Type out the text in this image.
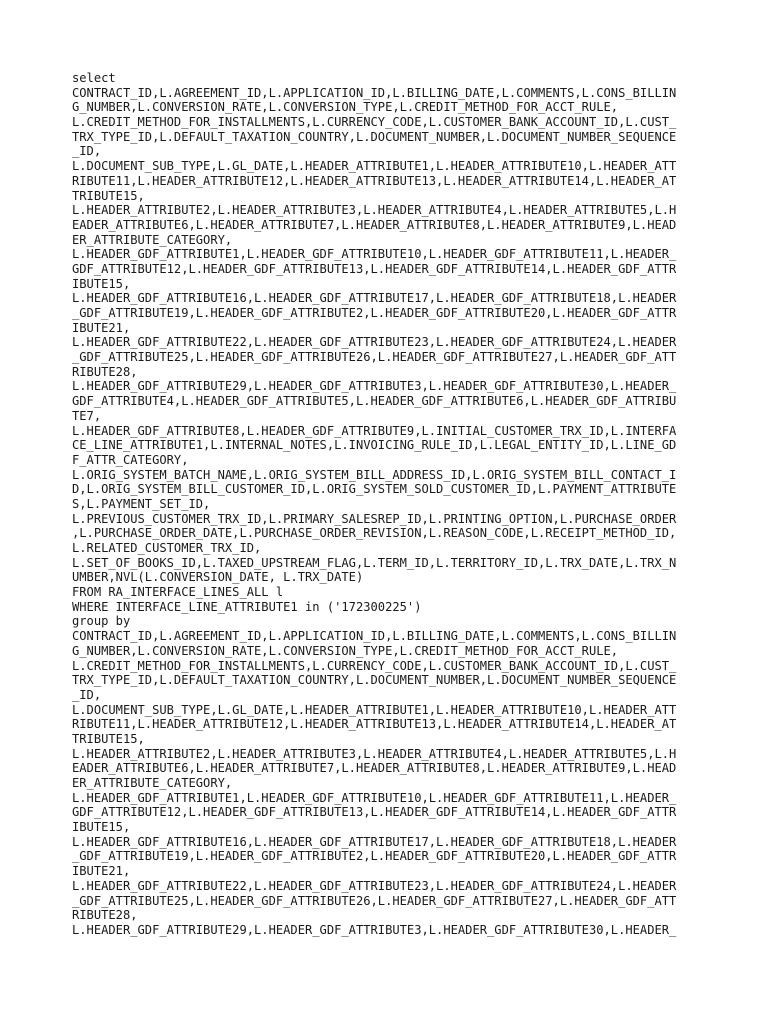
select
CONTRACT_ID,L.AGREEMENT_ID,L.APPLICATION_ID,L.BILLING_DATE,L.COMMENTS,L.CONS_BILLIN
G_NUMBER,L.CONVERSION_RATE,L.CONVERSION_TYPE,L.CREDIT_METHOD_FOR_ACCT_RULE,
L.CREDIT_METHOD_FOR_INSTALLMENTS,L.CURRENCY_CODE,L.CUSTOMER_BANK_ACCOUNT_ID,L.CUST_
TRX_TYPE_ID,L.DEFAULT_TAXATION_COUNTRY,L.DOCUMENT_NUMBER,L.DOCUMENT_NUMBER_SEQUENCE
_ID,
L.DOCUMENT_SUB_TYPE,L.GL_DATE,L.HEADER_ATTRIBUTE1,L.HEADER_ATTRIBUTE10,L.HEADER_ATT
RIBUTE11,L.HEADER_ATTRIBUTE12,L.HEADER_ATTRIBUTE13,L.HEADER_ATTRIBUTE14,L.HEADER_AT
TRIBUTE15,
L.HEADER_ATTRIBUTE2,L.HEADER_ATTRIBUTE3,L.HEADER_ATTRIBUTE4,L.HEADER_ATTRIBUTE5,L.H
EADER_ATTRIBUTE6,L.HEADER_ATTRIBUTE7,L.HEADER_ATTRIBUTE8,L.HEADER_ATTRIBUTE9,L.HEAD
ER_ATTRIBUTE_CATEGORY,
L.HEADER_GDF_ATTRIBUTE1,L.HEADER_GDF_ATTRIBUTE10,L.HEADER_GDF_ATTRIBUTE11,L.HEADER_
GDF_ATTRIBUTE12,L.HEADER_GDF_ATTRIBUTE13,L.HEADER_GDF_ATTRIBUTE14,L.HEADER_GDF_ATTR
IBUTE15,
L.HEADER_GDF_ATTRIBUTE16,L.HEADER_GDF_ATTRIBUTE17,L.HEADER_GDF_ATTRIBUTE18,L.HEADER
_GDF_ATTRIBUTE19,L.HEADER_GDF_ATTRIBUTE2,L.HEADER_GDF_ATTRIBUTE20,L.HEADER_GDF_ATTR
IBUTE21,
L.HEADER_GDF_ATTRIBUTE22,L.HEADER_GDF_ATTRIBUTE23,L.HEADER_GDF_ATTRIBUTE24,L.HEADER
_GDF_ATTRIBUTE25,L.HEADER_GDF_ATTRIBUTE26,L.HEADER_GDF_ATTRIBUTE27,L.HEADER_GDF_ATT
RIBUTE28,
L.HEADER_GDF_ATTRIBUTE29,L.HEADER_GDF_ATTRIBUTE3,L.HEADER_GDF_ATTRIBUTE30,L.HEADER_
GDF_ATTRIBUTE4,L.HEADER_GDF_ATTRIBUTE5,L.HEADER_GDF_ATTRIBUTE6,L.HEADER_GDF_ATTRIBU
TE7,
L.HEADER_GDF_ATTRIBUTE8,L.HEADER_GDF_ATTRIBUTE9,L.INITIAL_CUSTOMER_TRX_ID,L.INTERFA
CE_LINE_ATTRIBUTE1,L.INTERNAL_NOTES,L.INVOICING_RULE_ID,L.LEGAL_ENTITY_ID,L.LINE_GD
F_ATTR_CATEGORY,
L.ORIG_SYSTEM_BATCH_NAME,L.ORIG_SYSTEM_BILL_ADDRESS_ID,L.ORIG_SYSTEM_BILL_CONTACT_I
D,L.ORIG_SYSTEM_BILL_CUSTOMER_ID,L.ORIG_SYSTEM_SOLD_CUSTOMER_ID,L.PAYMENT_ATTRIBUTE
S,L.PAYMENT_SET_ID,
L.PREVIOUS_CUSTOMER_TRX_ID,L.PRIMARY_SALESREP_ID,L.PRINTING_OPTION,L.PURCHASE_ORDER
,L.PURCHASE_ORDER_DATE,L.PURCHASE_ORDER_REVISION,L.REASON_CODE,L.RECEIPT_METHOD_ID,
L.RELATED_CUSTOMER_TRX_ID,
L.SET_OF_BOOKS_ID,L.TAXED_UPSTREAM_FLAG,L.TERM_ID,L.TERRITORY_ID,L.TRX_DATE,L.TRX_N
UMBER,NVL(L.CONVERSION_DATE, L.TRX_DATE)
FROM RA_INTERFACE_LINES_ALL l
WHERE INTERFACE_LINE_ATTRIBUTE1 in ('172300225')
group by
CONTRACT_ID,L.AGREEMENT_ID,L.APPLICATION_ID,L.BILLING_DATE,L.COMMENTS,L.CONS_BILLIN
G_NUMBER,L.CONVERSION_RATE,L.CONVERSION_TYPE,L.CREDIT_METHOD_FOR_ACCT_RULE,
L.CREDIT_METHOD_FOR_INSTALLMENTS,L.CURRENCY_CODE,L.CUSTOMER_BANK_ACCOUNT_ID,L.CUST_
TRX_TYPE_ID,L.DEFAULT_TAXATION_COUNTRY,L.DOCUMENT_NUMBER,L.DOCUMENT_NUMBER_SEQUENCE
_ID,
L.DOCUMENT_SUB_TYPE,L.GL_DATE,L.HEADER_ATTRIBUTE1,L.HEADER_ATTRIBUTE10,L.HEADER_ATT
RIBUTE11,L.HEADER_ATTRIBUTE12,L.HEADER_ATTRIBUTE13,L.HEADER_ATTRIBUTE14,L.HEADER_AT
TRIBUTE15,
L.HEADER_ATTRIBUTE2,L.HEADER_ATTRIBUTE3,L.HEADER_ATTRIBUTE4,L.HEADER_ATTRIBUTE5,L.H
EADER_ATTRIBUTE6,L.HEADER_ATTRIBUTE7,L.HEADER_ATTRIBUTE8,L.HEADER_ATTRIBUTE9,L.HEAD
ER_ATTRIBUTE_CATEGORY,
L.HEADER_GDF_ATTRIBUTE1,L.HEADER_GDF_ATTRIBUTE10,L.HEADER_GDF_ATTRIBUTE11,L.HEADER_
GDF_ATTRIBUTE12,L.HEADER_GDF_ATTRIBUTE13,L.HEADER_GDF_ATTRIBUTE14,L.HEADER_GDF_ATTR
IBUTE15,
L.HEADER_GDF_ATTRIBUTE16,L.HEADER_GDF_ATTRIBUTE17,L.HEADER_GDF_ATTRIBUTE18,L.HEADER
_GDF_ATTRIBUTE19,L.HEADER_GDF_ATTRIBUTE2,L.HEADER_GDF_ATTRIBUTE20,L.HEADER_GDF_ATTR
IBUTE21,
L.HEADER_GDF_ATTRIBUTE22,L.HEADER_GDF_ATTRIBUTE23,L.HEADER_GDF_ATTRIBUTE24,L.HEADER
_GDF_ATTRIBUTE25,L.HEADER_GDF_ATTRIBUTE26,L.HEADER_GDF_ATTRIBUTE27,L.HEADER_GDF_ATT
RIBUTE28,
L.HEADER_GDF_ATTRIBUTE29,L.HEADER_GDF_ATTRIBUTE3,L.HEADER_GDF_ATTRIBUTE30,L.HEADER_
